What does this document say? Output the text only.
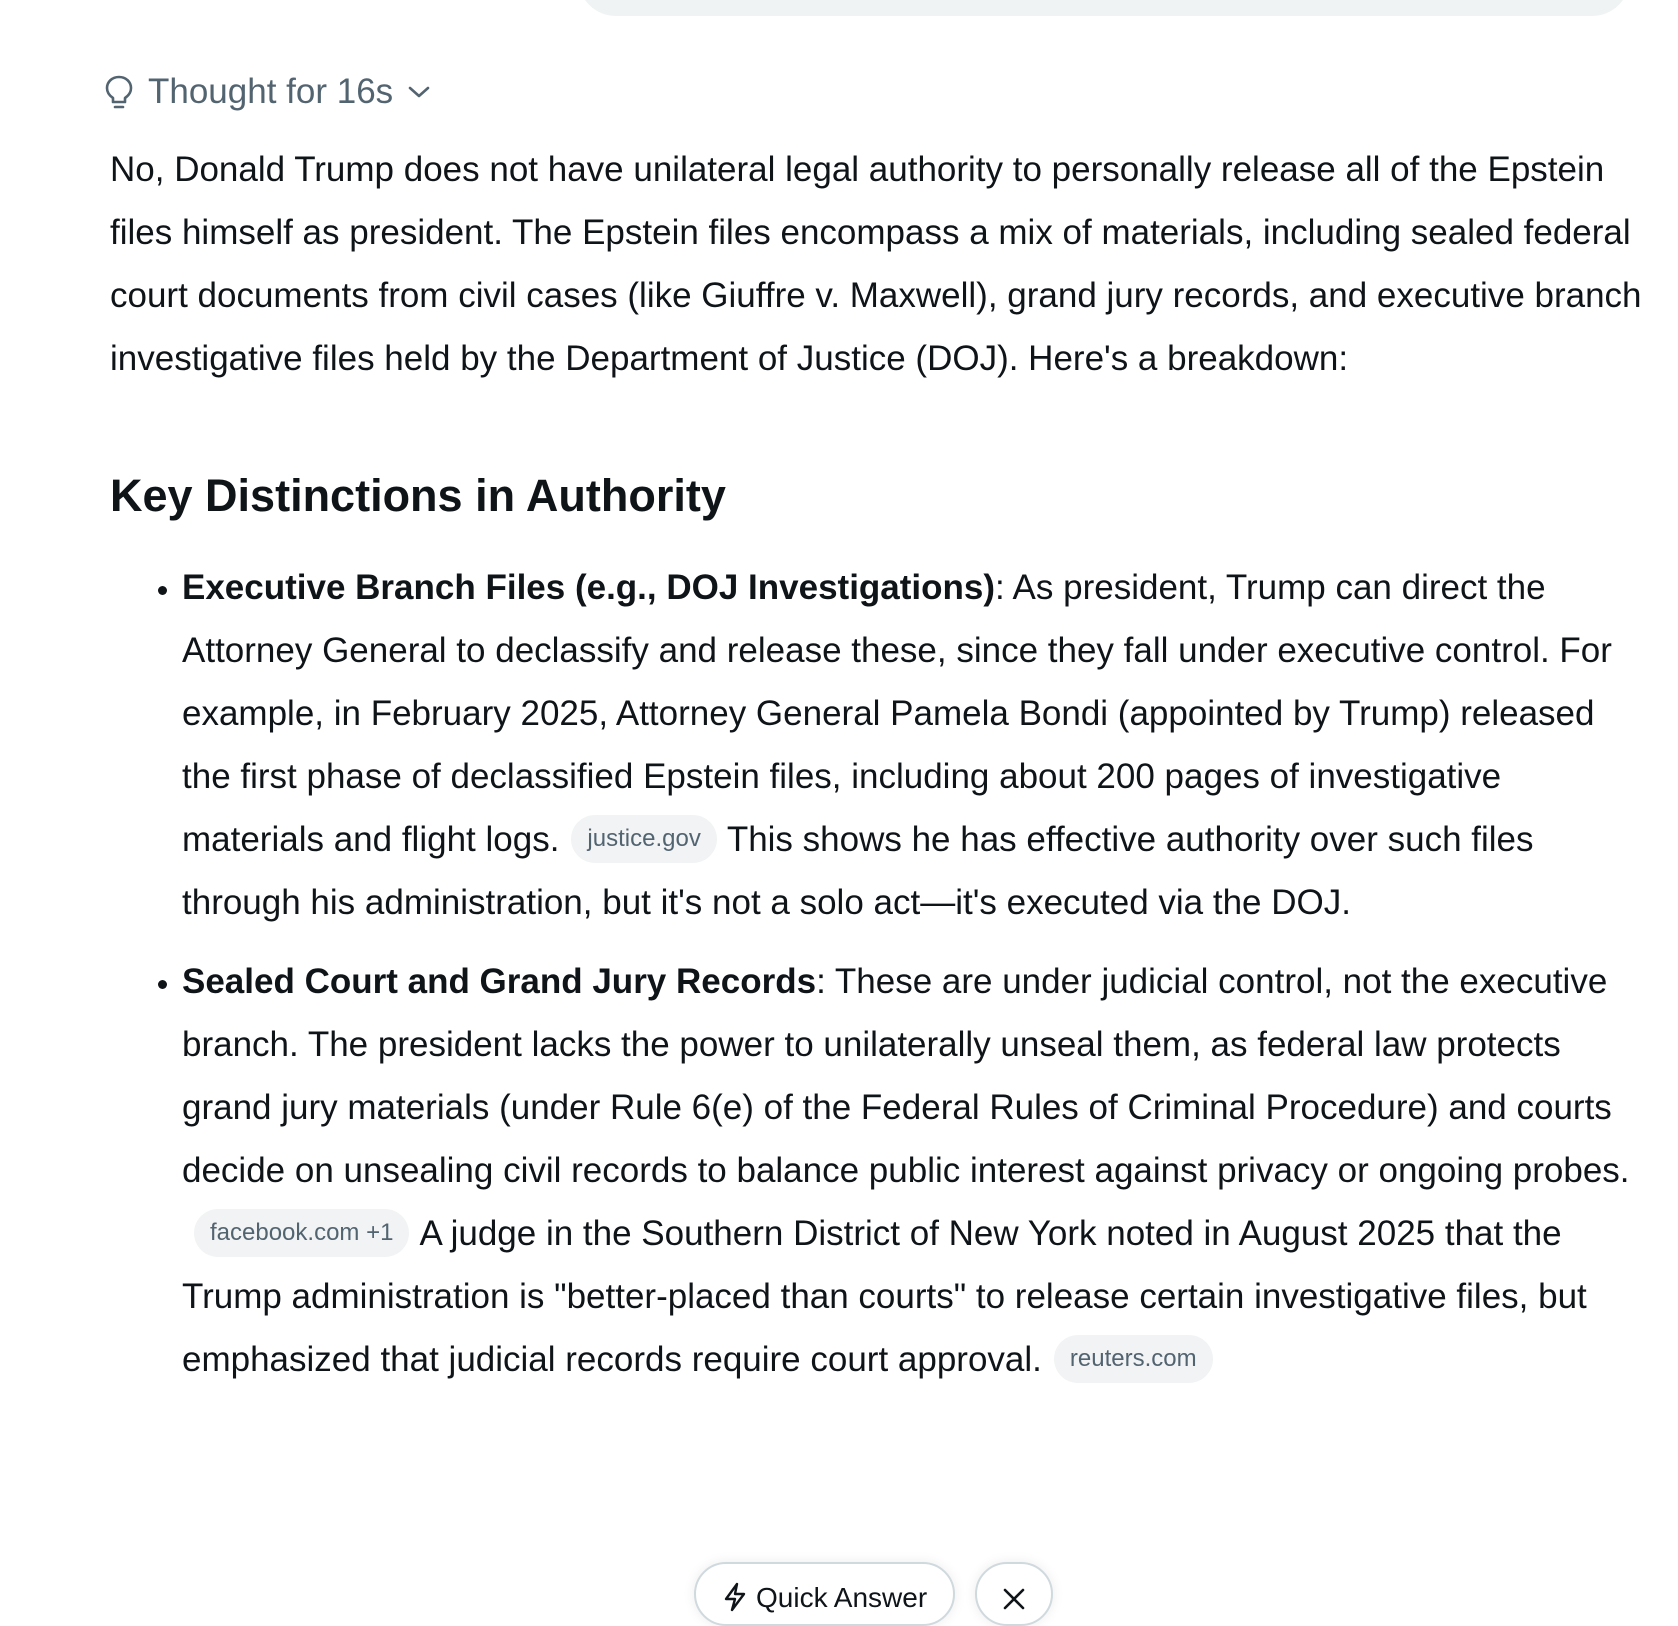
Thought for 16s

No, Donald Trump does not have unilateral legal authority to personally release all of the Epstein files himself as president. The Epstein files encompass a mix of materials, including sealed federal court documents from civil cases (like Giuffre v. Maxwell), grand jury records, and executive branch investigative files held by the Department of Justice (DOJ). Here's a breakdown:

Key Distinctions in Authority
• Executive Branch Files (e.g., DOJ Investigations): As president, Trump can direct the Attorney General to declassify and release these, since they fall under executive control. For example, in February 2025, Attorney General Pamela Bondi (appointed by Trump) released the first phase of declassified Epstein files, including about 200 pages of investigative materials and flight logs. justice.gov This shows he has effective authority over such files through his administration, but it's not a solo act—it's executed via the DOJ.
• Sealed Court and Grand Jury Records: These are under judicial control, not the executive branch. The president lacks the power to unilaterally unseal them, as federal law protects grand jury materials (under Rule 6(e) of the Federal Rules of Criminal Procedure) and courts decide on unsealing civil records to balance public interest against privacy or ongoing probes.facebook.com +1 A judge in the Southern District of New York noted in August 2025 that the Trump administration is "better-placed than courts" to release certain investigative files, but emphasized that judicial records require court approval. reuters.com
Quick Answer
